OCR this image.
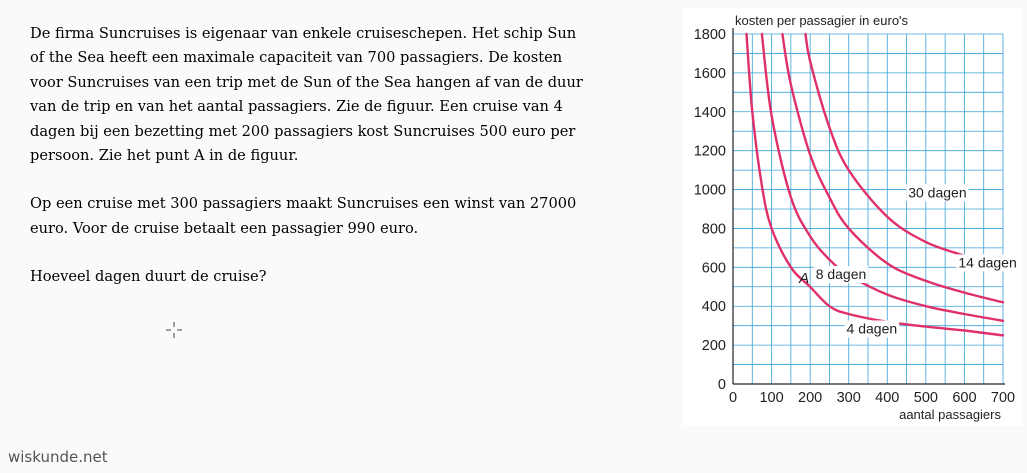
De firma Suncruises is eigenaar van enkele cruiseschepen. Het schip Sun of the Sea heeft een maximale capaciteit van 700 passagiers. De kosten voor Suncruises van een trip met de Sun of the Sea hangen af van de duur van de trip en van het aantal passagiers. Zie de figuur. Een cruise van 4 dagen bij een bezetting met 200 passagiers kost Suncruises 500 euro per persoon. Zie het punt A in de figuur.

Op een cruise met 300 passagiers maakt Suncruises een winst van 27000 euro. Voor de cruise betaalt een passagier 990 euro.

Hoeveel dagen duurt de cruise?

wiskunde.net
0
200
400
600
800
1000
1200
1400
1600
1800
0 100 200 300 400 500 600 700
kosten per passagier in euro's
aantal passagiers
A
30 dagen
14 dagen
8 dagen
4 dagen
